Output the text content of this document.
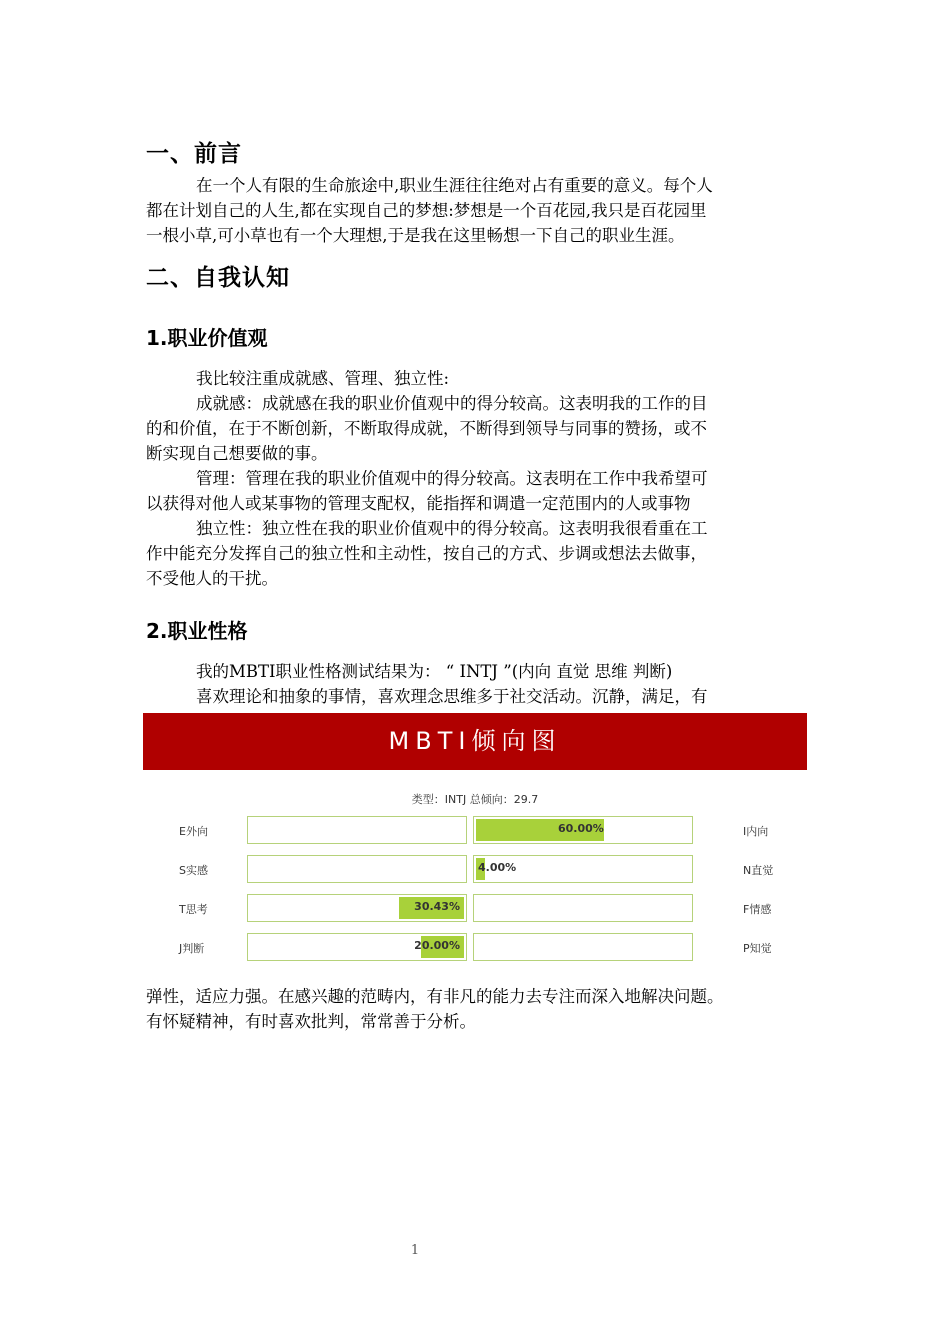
一、前言
在一个人有限的生命旅途中,职业生涯往往绝对占有重要的意义。每个人
都在计划自己的人生,都在实现自己的梦想:梦想是一个百花园,我只是百花园里
一根小草,可小草也有一个大理想,于是我在这里畅想一下自己的职业生涯。
二、自我认知
1.职业价值观
我比较注重成就感、管理、独立性:
成就感：成就感在我的职业价值观中的得分较高。这表明我的工作的目
的和价值，在于不断创新，不断取得成就，不断得到领导与同事的赞扬，或不
断实现自己想要做的事。
管理：管理在我的职业价值观中的得分较高。这表明在工作中我希望可
以获得对他人或某事物的管理支配权，能指挥和调遣一定范围内的人或事物
独立性：独立性在我的职业价值观中的得分较高。这表明我很看重在工
作中能充分发挥自己的独立性和主动性，按自己的方式、步调或想法去做事，
不受他人的干扰。
2.职业性格
我的MBTI职业性格测试结果为： “ INTJ ”(内向 直觉 思维 判断)
喜欢理论和抽象的事情，喜欢理念思维多于社交活动。沉静，满足，有
MBTI倾向图
类型：INTJ 总倾向：29.7
E外向	60.00%	I内向
S实感	4.00%	N直觉
T思考	30.43%	F情感
J判断	20.00%	P知觉
弹性，适应力强。在感兴趣的范畴内，有非凡的能力去专注而深入地解决问题。
有怀疑精神，有时喜欢批判，常常善于分析。
1
